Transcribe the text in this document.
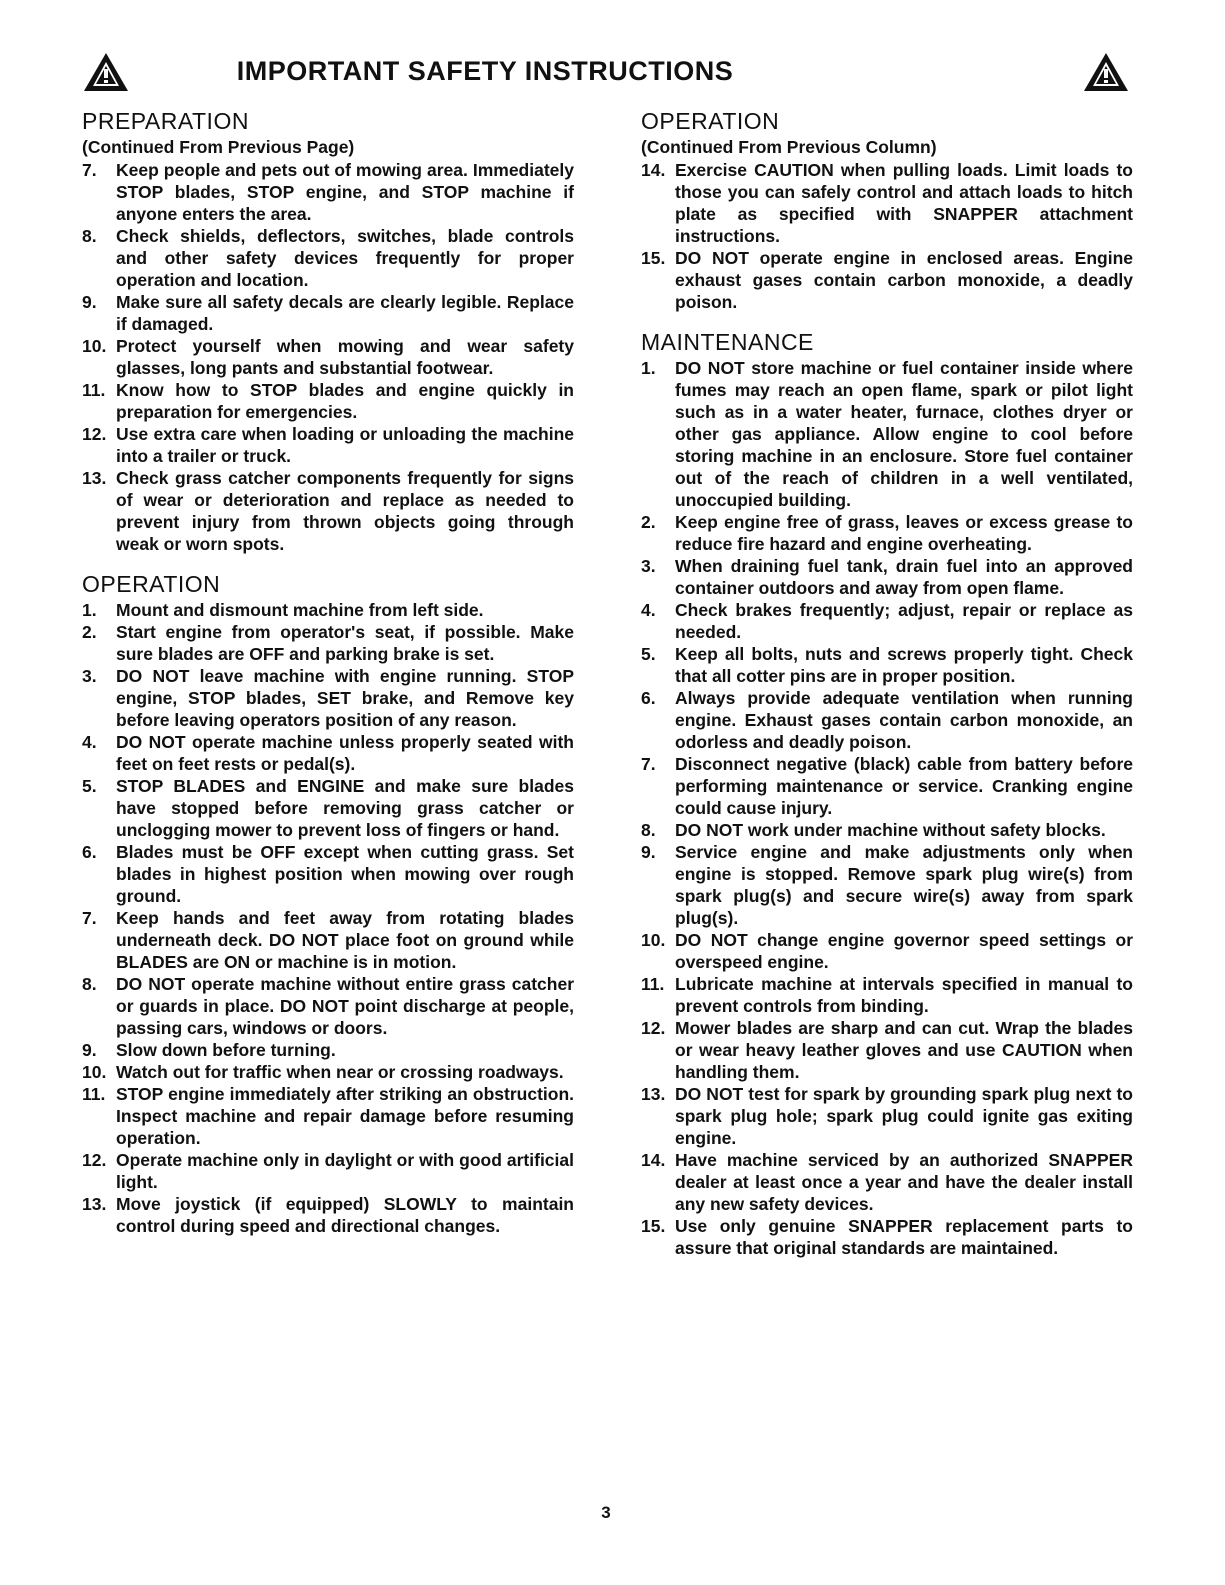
IMPORTANT SAFETY INSTRUCTIONS
PREPARATION

(Continued From Previous Page)

7.	Keep people and pets out of mowing area. Immediately STOP blades, STOP engine, and STOP machine if anyone enters the area.
8.	Check shields, deflectors, switches, blade controls and other safety devices frequently for proper operation and location.
9.	Make sure all safety decals are clearly legible. Replace if damaged.
10. Protect yourself when mowing and wear safety glasses, long pants and substantial footwear.
11. Know how to STOP blades and engine quickly in preparation for emergencies.
12. Use extra care when loading or unloading the machine into a trailer or truck.
13. Check grass catcher components frequently for signs of wear or deterioration and replace as needed to prevent injury from thrown objects going through weak or worn spots.
OPERATION
1.	Mount and dismount machine from left side.
2.	Start engine from operator's seat, if possible. Make sure blades are OFF and parking brake is set.
3.	DO NOT leave machine with engine running. STOP engine, STOP blades, SET brake, and Remove key before leaving operators position of any reason.
4.	DO NOT operate machine unless properly seated with feet on feet rests or pedal(s).
5.	STOP BLADES and ENGINE and make sure blades have stopped before removing grass catcher or unclogging mower to prevent loss of fingers or hand.
6.	Blades must be OFF except when cutting grass. Set blades in highest position when mowing over rough ground.
7.	Keep hands and feet away from rotating blades underneath deck. DO NOT place foot on ground while BLADES are ON or machine is in motion.
8.	DO NOT operate machine without entire grass catcher or guards in place. DO NOT point discharge at people, passing cars, windows or doors.
9.	Slow down before turning.
10. Watch out for traffic when near or crossing roadways.
11. STOP engine immediately after striking an obstruction. Inspect machine and repair damage before resuming operation.
12. Operate machine only in daylight or with good artificial light.
13. Move joystick (if equipped) SLOWLY to maintain control during speed and directional changes.
OPERATION

(Continued From Previous Column)

14. Exercise CAUTION when pulling loads. Limit loads to those you can safely control and attach loads to hitch plate as specified with SNAPPER attachment instructions.
15. DO NOT operate engine in enclosed areas. Engine exhaust gases contain carbon monoxide, a deadly poison.
MAINTENANCE
1.	DO NOT store machine or fuel container inside where fumes may reach an open flame, spark or pilot light such as in a water heater, furnace, clothes dryer or other gas appliance. Allow engine to cool before storing machine in an enclosure. Store fuel container out of the reach of children in a well ventilated, unoccupied building.
2.	Keep engine free of grass, leaves or excess grease to reduce fire hazard and engine overheating.
3.	When draining fuel tank, drain fuel into an approved container outdoors and away from open flame.
4.	Check brakes frequently; adjust, repair or replace as needed.
5.	Keep all bolts, nuts and screws properly tight. Check that all cotter pins are in proper position.
6.	Always provide adequate ventilation when running engine. Exhaust gases contain carbon monoxide, an odorless and deadly poison.
7.	Disconnect negative (black) cable from battery before performing maintenance or service. Cranking engine could cause injury.
8.	DO NOT work under machine without safety blocks.
9.	Service engine and make adjustments only when engine is stopped. Remove spark plug wire(s) from spark plug(s) and secure wire(s) away from spark plug(s).
10. DO NOT change engine governor speed settings or overspeed engine.
11. Lubricate machine at intervals specified in manual to prevent controls from binding.
12. Mower blades are sharp and can cut. Wrap the blades or wear heavy leather gloves and use CAUTION when handling them.
13. DO NOT test for spark by grounding spark plug next to spark plug hole; spark plug could ignite gas exiting engine.
14. Have machine serviced by an authorized SNAPPER dealer at least once a year and have the dealer install any new safety devices.
15. Use only genuine SNAPPER replacement parts to assure that original standards are maintained.
3
